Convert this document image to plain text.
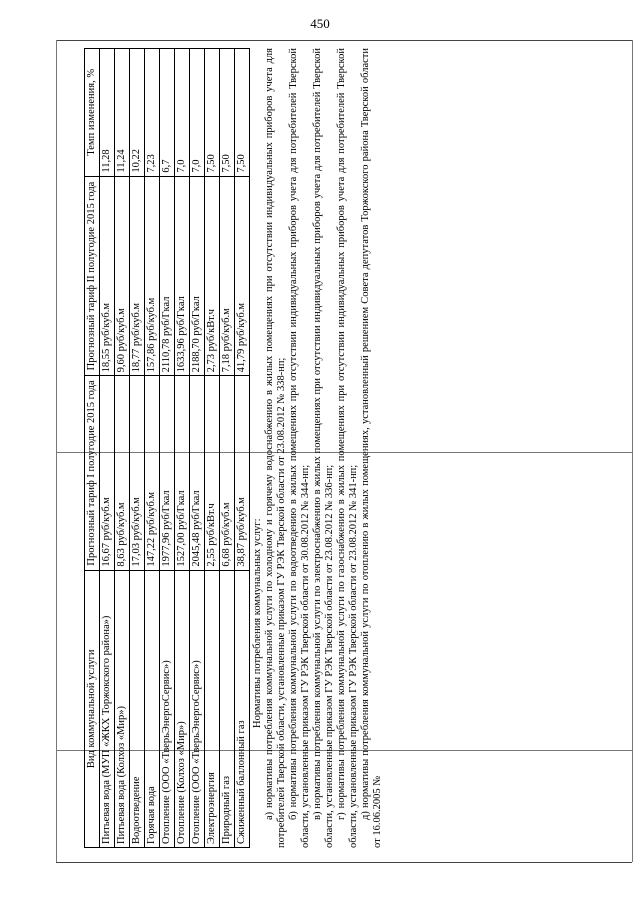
450
Вид коммунальной услуги	Прогнозный тариф I полугодие 2015 года	Прогнозный тариф II полугодие 2015 года	Темп изменения, %
Питьевая вода (МУП «ЖКХ Торжокского района»)	16,67 руб/куб.м	18,55 руб/куб.м	11,28
Питьевая вода (Колхоз «Мир»)	8,63 руб/куб.м	9,60 руб/куб.м	11,24
Водоотведение	17,03 руб/куб.м	18,77 руб/куб.м	10,22
Горячая вода	147,22 руб/куб.м	157,86 руб/куб.м	7,23
Отопление (ООО «ТверьЭнергоСервис»)	1977,96 руб/Гкал	2110,78 руб/Гкал	6,7
Отопление (Колхоз «Мир»)	1527,00 руб/Гкал	1633,96 руб/Гкал	7,0
Отопление (ООО «ТверьЭнергоСервис»)	2045,48 руб/Гкал	2188,70 руб/Гкал	7,0
Электроэнергия	2,55 руб/кВт.ч	2,73 руб/кВт.ч	7,50
Природный газ	6,68 руб/куб.м	7,18 руб/куб.м	7,50
Сжиженный баллонный газ	38,87 руб/куб.м	41,79 руб/куб.м	7,50

Нормативы потребления коммунальных услуг: а) нормативы потребления коммунальной услуги по холодному и горячему водоснабжению в жилых помещениях при отсутствии индивидуальных приборов учета для потребителей Тверской области, установленные приказом ГУ РЭК Тверской области от 23.08.2012 № 338-нп; б) нормативы потребления коммунальной услуги по водоотведению в жилых помещениях при отсутствии индивидуальных приборов учета для потребителей Тверской области, установленные приказом ГУ РЭК Тверской области от 30.08.2012 № 344-нп; в) нормативы потребления коммунальной услуги по электроснабжению в жилых помещениях при отсутствии индивидуальных приборов учета для потребителей Тверской области, установленные приказом ГУ РЭК Тверской области от 23.08.2012 № 336-нп; г) нормативы потребления коммунальной услуги по газоснабжению в жилых помещениях при отсутствии индивидуальных приборов учета для потребителей Тверской области, установленные приказом ГУ РЭК Тверской области от 23.08.2012 № 341-нп; д) нормативы потребления коммунальной услуги по отоплению в жилых помещениях, установленный решением Совета депутатов Торжокского района Тверской области от 16.06.2005 №
